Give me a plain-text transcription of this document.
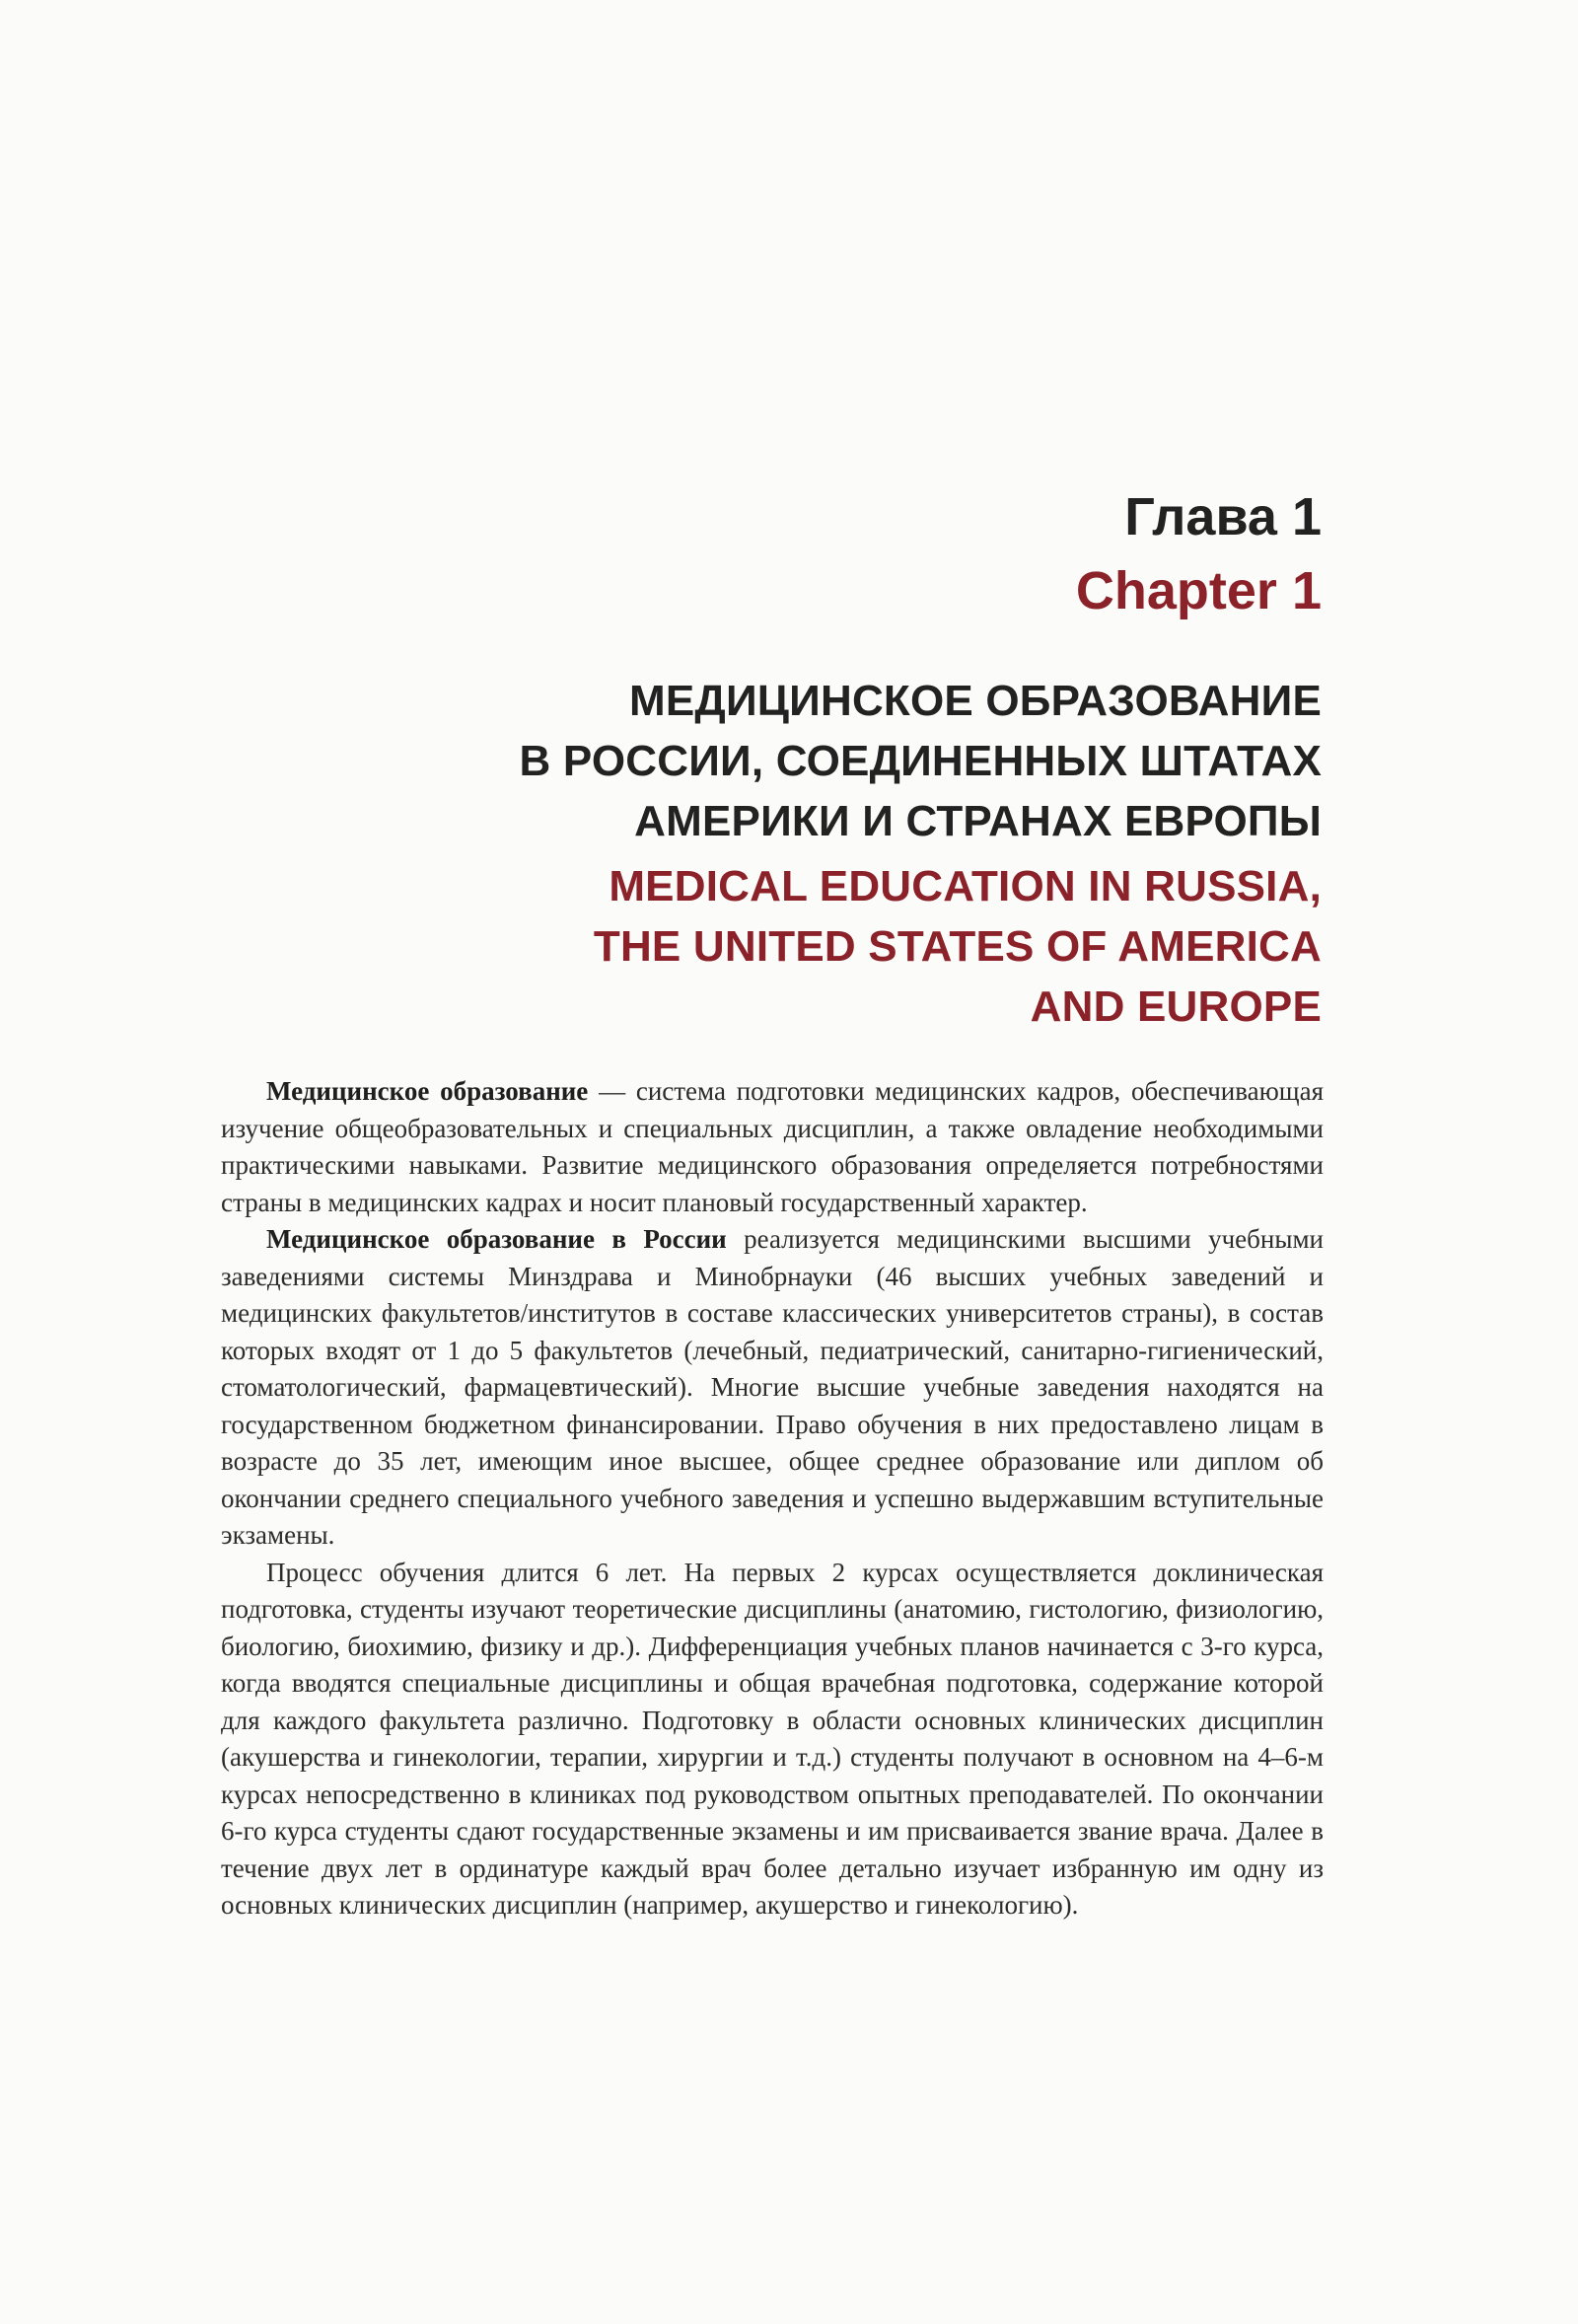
Глава 1
Chapter 1
МЕДИЦИНСКОЕ ОБРАЗОВАНИЕ
В РОССИИ, СОЕДИНЕННЫХ ШТАТАХ
АМЕРИКИ И СТРАНАХ ЕВРОПЫ
MEDICAL EDUCATION IN RUSSIA,
THE UNITED STATES OF AMERICA
AND EUROPE

Медицинское образование — система подготовки медицинских кадров, обеспечивающая изучение общеобразовательных и специальных дисциплин, а также овладение необходимыми практическими навыками. Развитие медицинского образования определяется потребностями страны в медицинских кадрах и носит плановый государственный характер.

Медицинское образование в России реализуется медицинскими высшими учебными заведениями системы Минздрава и Минобрнауки (46 высших учебных заведений и медицинских факультетов/институтов в составе классических университетов страны), в состав которых входят от 1 до 5 факультетов (лечебный, педиатрический, санитарно-гигиенический, стоматологический, фармацевтический). Многие высшие учебные заведения находятся на государственном бюджетном финансировании. Право обучения в них предоставлено лицам в возрасте до 35 лет, имеющим иное высшее, общее среднее образование или диплом об окончании среднего специального учебного заведения и успешно выдержавшим вступительные экзамены.

Процесс обучения длится 6 лет. На первых 2 курсах осуществляется доклиническая подготовка, студенты изучают теоретические дисциплины (анатомию, гистологию, физиологию, биологию, биохимию, физику и др.). Дифференциация учебных планов начинается с 3-го курса, когда вводятся специальные дисциплины и общая врачебная подготовка, содержание которой для каждого факультета различно. Подготовку в области основных клинических дисциплин (акушерства и гинекологии, терапии, хирургии и т.д.) студенты получают в основном на 4–6-м курсах непосредственно в клиниках под руководством опытных преподавателей. По окончании 6-го курса студенты сдают государственные экзамены и им присваивается звание врача. Далее в течение двух лет в ординатуре каждый врач более детально изучает избранную им одну из основных клинических дисциплин (например, акушерство и гинекологию).
